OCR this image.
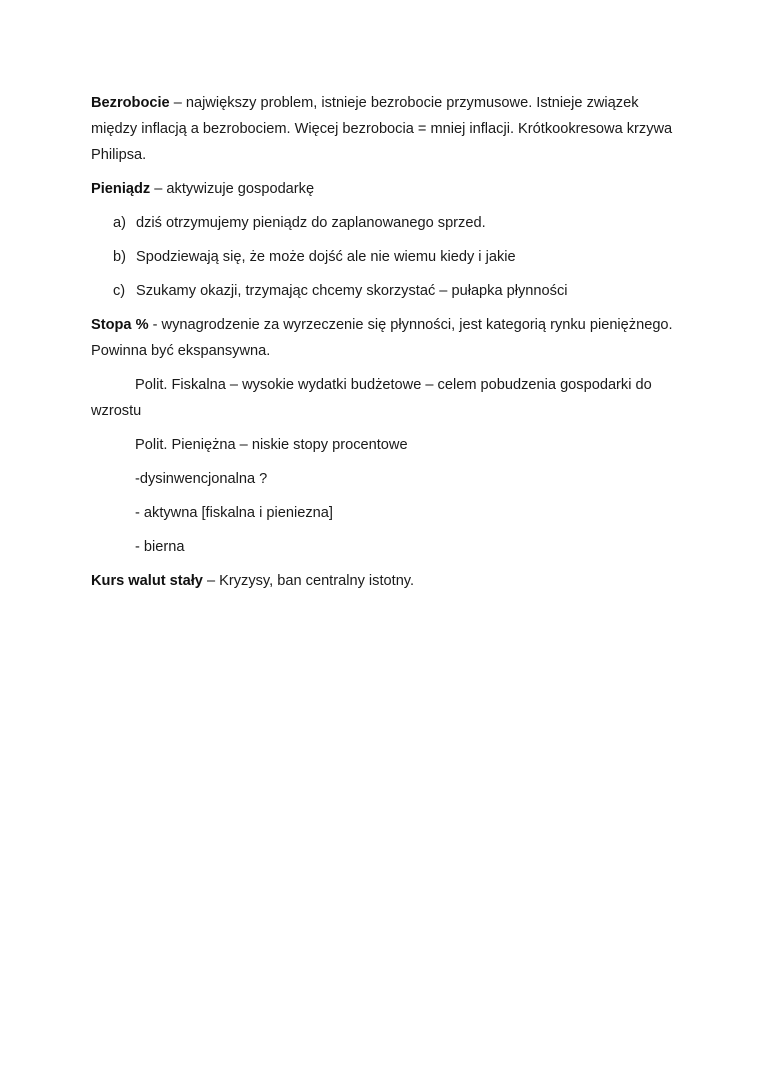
Bezrobocie – największy problem, istnieje bezrobocie przymusowe. Istnieje związek między inflacją a bezrobociem. Więcej bezrobocia = mniej inflacji. Krótkookresowa krzywa Philipsa.

Pieniądz – aktywizuje gospodarkę

a) dziś otrzymujemy pieniądz do zaplanowanego sprzed.
b) Spodziewają się, że może dojść ale nie wiemu kiedy i jakie
c) Szukamy okazji, trzymając chcemy skorzystać – pułapka płynności

Stopa % - wynagrodzenie za wyrzeczenie się płynności, jest kategorią rynku pieniężnego. Powinna być ekspansywna.

Polit. Fiskalna – wysokie wydatki budżetowe – celem pobudzenia gospodarki do wzrostu

Polit. Pieniężna – niskie stopy procentowe

-dysinwencjonalna ?

- aktywna [fiskalna i pieniezna]

- bierna

Kurs walut stały – Kryzysy, ban centralny istotny.
